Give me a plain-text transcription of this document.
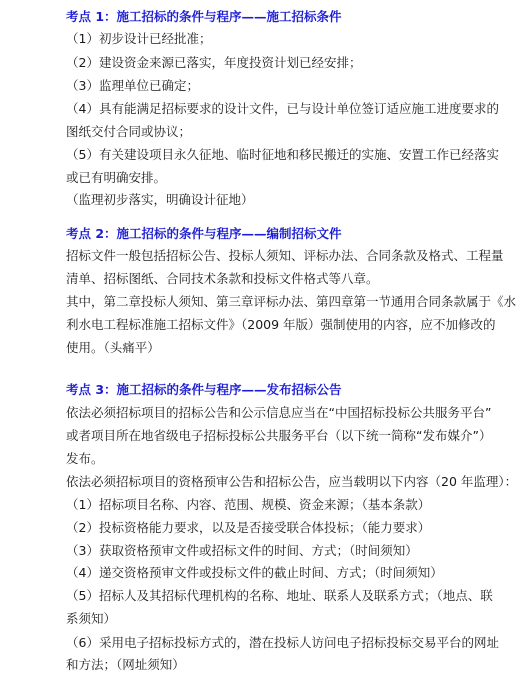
考点 1：施工招标的条件与程序——施工招标条件
（1）初步设计已经批准；
（2）建设资金来源已落实，年度投资计划已经安排；
（3）监理单位已确定；
（4）具有能满足招标要求的设计文件，已与设计单位签订适应施工进度要求的
图纸交付合同或协议；
（5）有关建设项目永久征地、临时征地和移民搬迁的实施、安置工作已经落实
或已有明确安排。
（监理初步落实，明确设计征地）
考点 2：施工招标的条件与程序——编制招标文件
招标文件一般包括招标公告、投标人须知、评标办法、合同条款及格式、工程量
清单、招标图纸、合同技术条款和投标文件格式等八章。
其中，第二章投标人须知、第三章评标办法、第四章第一节通用合同条款属于《水
利水电工程标准施工招标文件》（2009 年版）强制使用的内容，应不加修改的
使用。（头痛平）
考点 3：施工招标的条件与程序——发布招标公告
依法必须招标项目的招标公告和公示信息应当在“中国招标投标公共服务平台”
或者项目所在地省级电子招标投标公共服务平台（以下统一简称“发布媒介”）
发布。
依法必须招标项目的资格预审公告和招标公告，应当载明以下内容（20 年监理）：
（1）招标项目名称、内容、范围、规模、资金来源；（基本条款）
（2）投标资格能力要求，以及是否接受联合体投标；（能力要求）
（3）获取资格预审文件或招标文件的时间、方式；（时间须知）
（4）递交资格预审文件或投标文件的截止时间、方式；（时间须知）
（5）招标人及其招标代理机构的名称、地址、联系人及联系方式；（地点、联
系须知）
（6）采用电子招标投标方式的，潜在投标人访问电子招标投标交易平台的网址
和方法；（网址须知）
